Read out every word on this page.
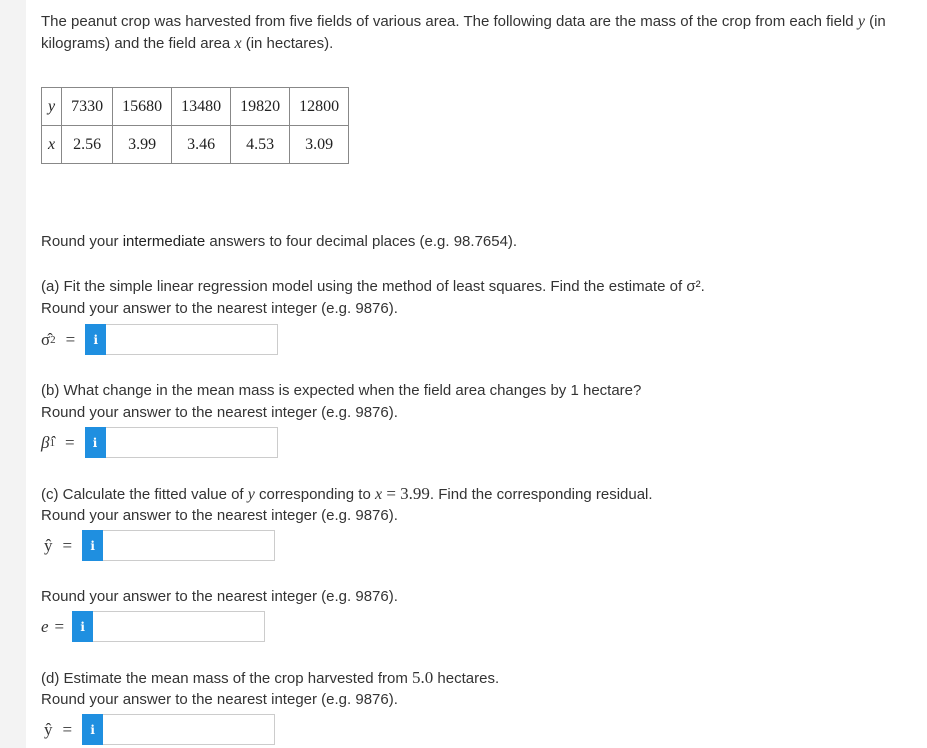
The peanut crop was harvested from five fields of various area. The following data are the mass of the crop from each field y (in kilograms) and the field area x (in hectares).
y	7330	15680	13480	19820	12800
x	2.56	3.99	3.46	4.53	3.09
Round your intermediate answers to four decimal places (e.g. 98.7654).
(a) Fit the simple linear regression model using the method of least squares. Find the estimate of σ².
Round your answer to the nearest integer (e.g. 9876).
σ̂ 2 =	i
(b) What change in the mean mass is expected when the field area changes by 1 hectare?
Round your answer to the nearest integer (e.g. 9876).
β̂ 1 =	i
(c) Calculate the fitted value of y corresponding to x = 3.99. Find the corresponding residual.
Round your answer to the nearest integer (e.g. 9876).
ŷ =	i
Round your answer to the nearest integer (e.g. 9876).
e =	i
(d) Estimate the mean mass of the crop harvested from 5.0 hectares.
Round your answer to the nearest integer (e.g. 9876).
ŷ =	i
